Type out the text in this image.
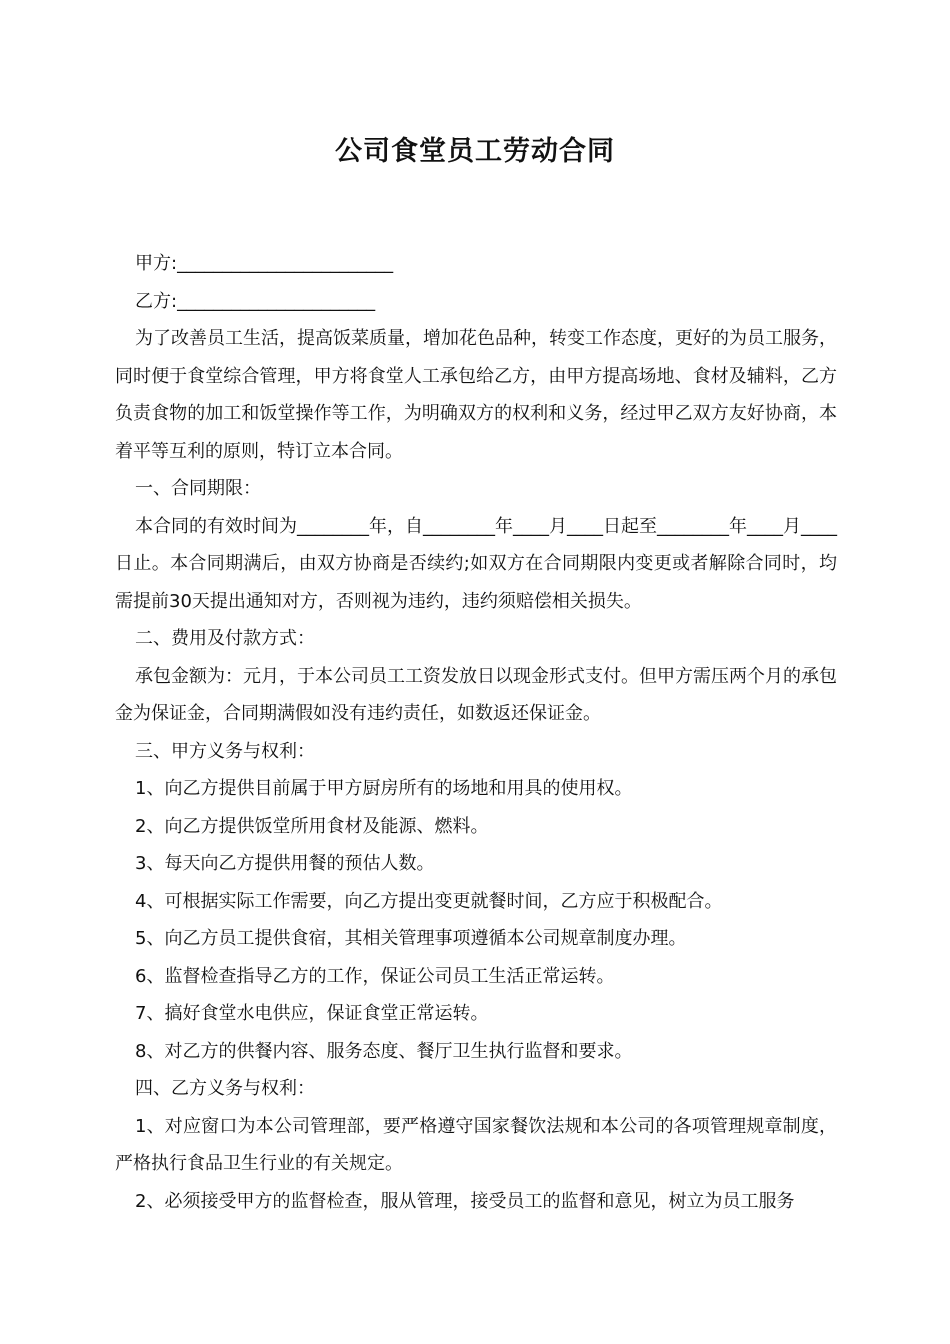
公司食堂员工劳动合同

甲方:________________________

乙方:______________________

为了改善员工生活，提高饭菜质量，增加花色品种，转变工作态度，更好的为员工服务，同时便于食堂综合管理，甲方将食堂人工承包给乙方，由甲方提高场地、食材及辅料，乙方负责食物的加工和饭堂操作等工作，为明确双方的权利和义务，经过甲乙双方友好协商，本着平等互利的原则，特订立本合同。

一、合同期限：

本合同的有效时间为________年，自________年____月____日起至________年____月____日止。本合同期满后，由双方协商是否续约;如双方在合同期限内变更或者解除合同时，均需提前30天提出通知对方，否则视为违约，违约须赔偿相关损失。

二、费用及付款方式：

承包金额为：元月，于本公司员工工资发放日以现金形式支付。但甲方需压两个月的承包金为保证金，合同期满假如没有违约责任，如数返还保证金。

三、甲方义务与权利：

1、向乙方提供目前属于甲方厨房所有的场地和用具的使用权。

2、向乙方提供饭堂所用食材及能源、燃料。

3、每天向乙方提供用餐的预估人数。

4、可根据实际工作需要，向乙方提出变更就餐时间，乙方应于积极配合。

5、向乙方员工提供食宿，其相关管理事项遵循本公司规章制度办理。

6、监督检查指导乙方的工作，保证公司员工生活正常运转。

7、搞好食堂水电供应，保证食堂正常运转。

8、对乙方的供餐内容、服务态度、餐厅卫生执行监督和要求。

四、乙方义务与权利：

1、对应窗口为本公司管理部，要严格遵守国家餐饮法规和本公司的各项管理规章制度，严格执行食品卫生行业的有关规定。

2、必须接受甲方的监督检查，服从管理，接受员工的监督和意见，树立为员工服务
